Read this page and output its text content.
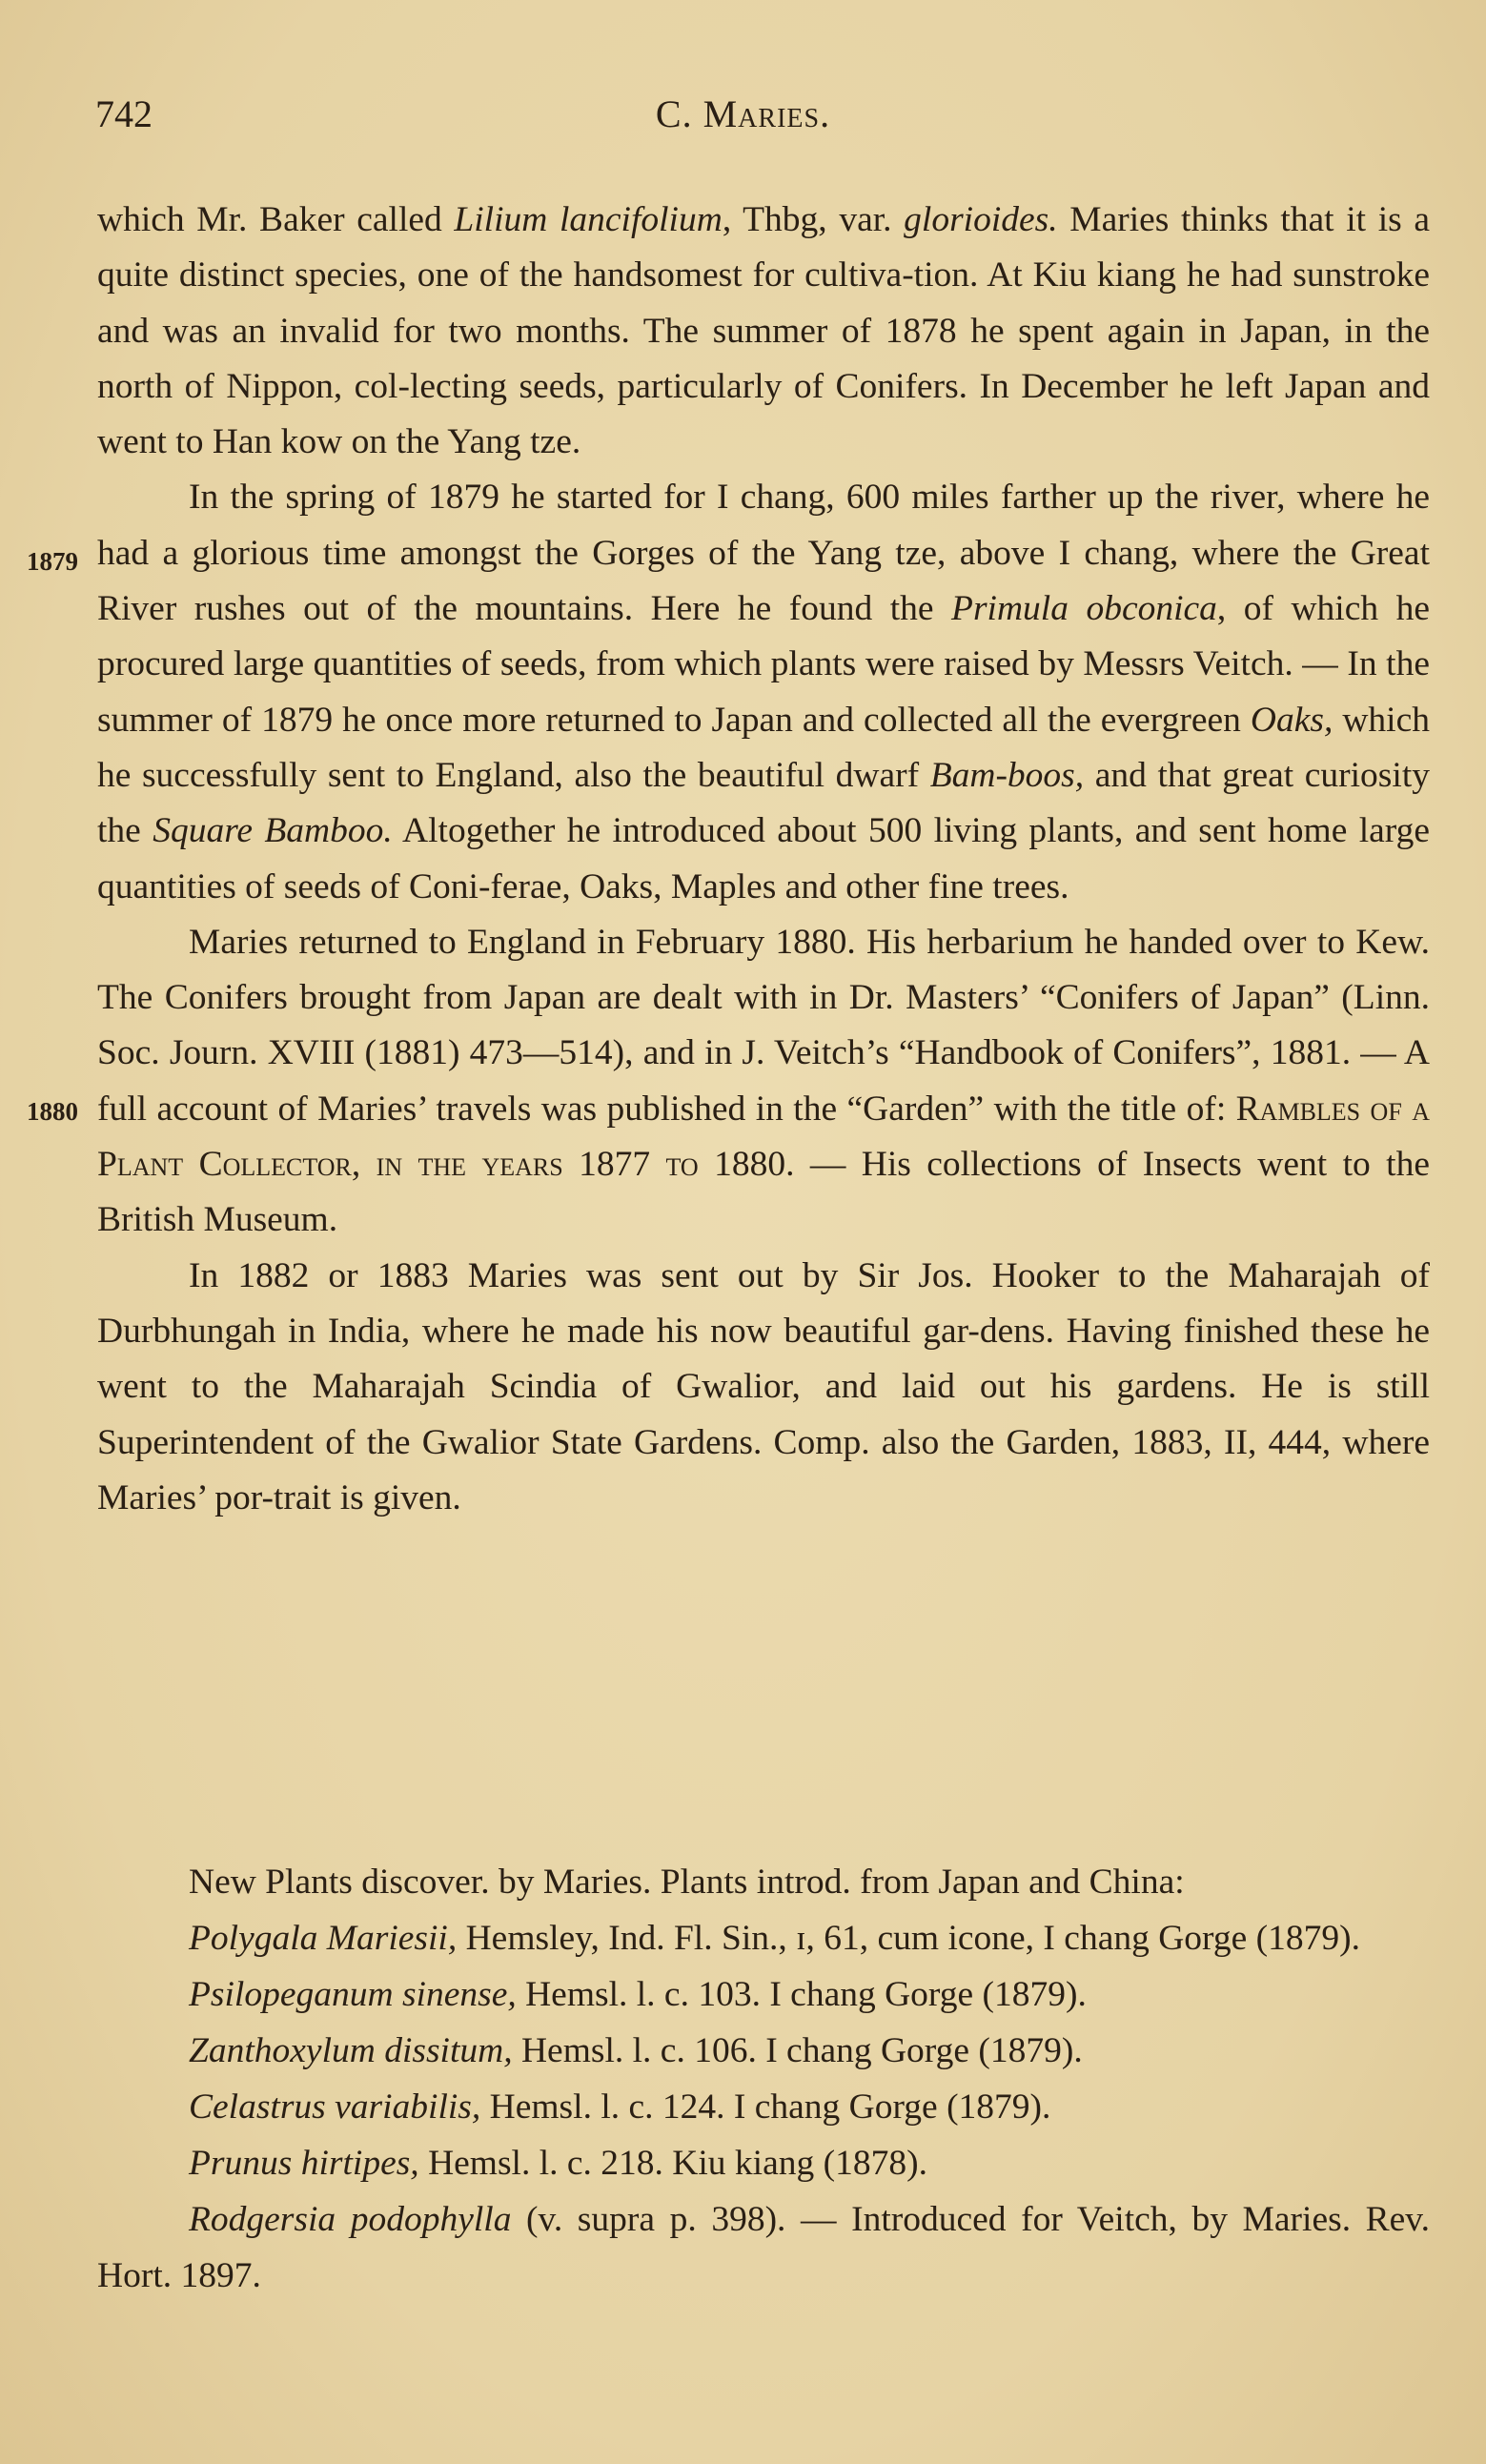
742	C. Maries.
1879
1880

which Mr. Baker called Lilium lancifolium, Thbg, var. glorioides. Maries thinks that it is a quite distinct species, one of the handsomest for cultiva-tion. At Kiu kiang he had sunstroke and was an invalid for two months. The summer of 1878 he spent again in Japan, in the north of Nippon, col-lecting seeds, particularly of Conifers. In December he left Japan and went to Han kow on the Yang tze.

In the spring of 1879 he started for I chang, 600 miles farther up the river, where he had a glorious time amongst the Gorges of the Yang tze, above I chang, where the Great River rushes out of the mountains. Here he found the Primula obconica, of which he procured large quantities of seeds, from which plants were raised by Messrs Veitch. — In the summer of 1879 he once more returned to Japan and collected all the evergreen Oaks, which he successfully sent to England, also the beautiful dwarf Bam-boos, and that great curiosity the Square Bamboo. Altogether he introduced about 500 living plants, and sent home large quantities of seeds of Coni-ferae, Oaks, Maples and other fine trees.

Maries returned to England in February 1880. His herbarium he handed over to Kew. The Conifers brought from Japan are dealt with in Dr. Masters’ “Conifers of Japan” (Linn. Soc. Journ. XVIII (1881) 473—514), and in J. Veitch’s “Handbook of Conifers”, 1881. — A full account of Maries’ travels was published in the “Garden” with the title of: Rambles of a Plant Collector, in the years 1877 to 1880. — His collections of Insects went to the British Museum.

In 1882 or 1883 Maries was sent out by Sir Jos. Hooker to the Maharajah of Durbhungah in India, where he made his now beautiful gar-dens. Having finished these he went to the Maharajah Scindia of Gwalior, and laid out his gardens. He is still Superintendent of the Gwalior State Gardens. Comp. also the Garden, 1883, II, 444, where Maries’ por-trait is given.

New Plants discover. by Maries. Plants introd. from Japan and China:

Polygala Mariesii, Hemsley, Ind. Fl. Sin., ɪ, 61, cum icone, I chang Gorge (1879).

Psilopeganum sinense, Hemsl. l. c. 103. I chang Gorge (1879).

Zanthoxylum dissitum, Hemsl. l. c. 106. I chang Gorge (1879).

Celastrus variabilis, Hemsl. l. c. 124. I chang Gorge (1879).

Prunus hirtipes, Hemsl. l. c. 218. Kiu kiang (1878).

Rodgersia podophylla (v. supra p. 398). — Introduced for Veitch, by Maries. Rev. Hort. 1897.
